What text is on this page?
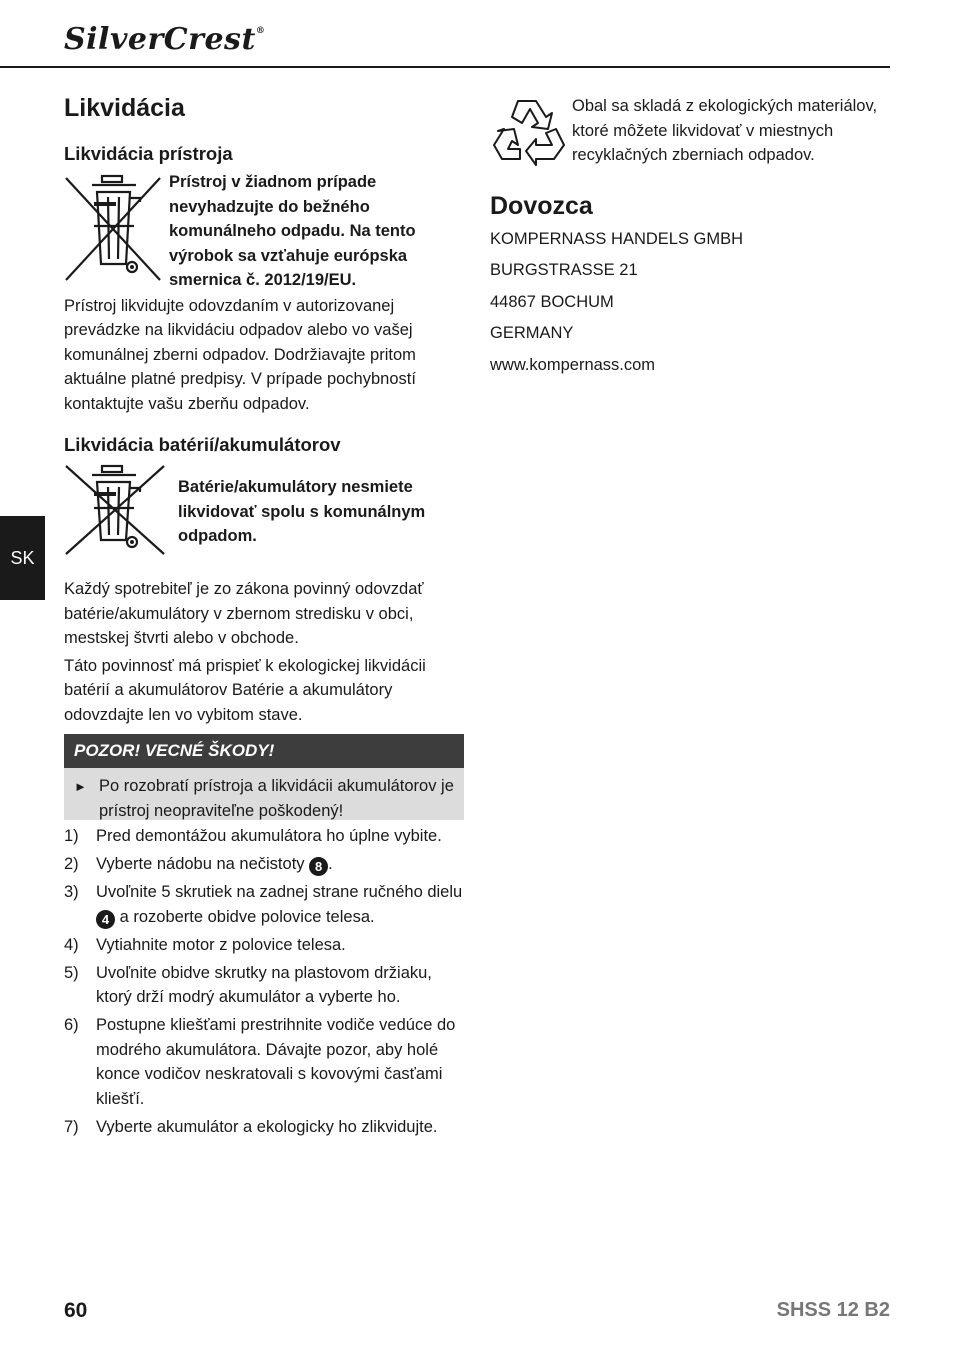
SilverCrest®
SK
Likvidácia
Likvidácia prístroja
Prístroj v žiadnom prípade nevyhadzujte do bežného komunálneho odpadu. Na tento výrobok sa vzťahuje európska smernica č. 2012/19/EU.

Prístroj likvidujte odovzdaním v autorizovanej prevádzke na likvidáciu odpadov alebo vo vašej komunálnej zberni odpadov. Dodržiavajte pritom aktuálne platné predpisy. V prípade pochybností kontaktujte vašu zberňu odpadov.

Likvidácia batérií/akumulátorov
Batérie/akumulátory nesmiete likvidovať spolu s komunálnym odpadom.

Každý spotrebiteľ je zo zákona povinný odovzdať batérie/akumulátory v zbernom stredisku v obci, mestskej štvrti alebo v obchode.

Táto povinnosť má prispieť k ekologickej likvidácii batérií a akumulátorov Batérie a akumulátory odovzdajte len vo vybitom stave.

POZOR! VECNÉ ŠKODY!
► Po rozobratí prístroja a likvidácii akumulátorov je prístroj neopraviteľne poškodený!
1)	Pred demontážou akumulátora ho úplne vybite.
2)	Vyberte nádobu na nečistoty 8 .
3)	Uvoľnite 5 skrutiek na zadnej strane ručného dielu 4 a rozoberte obidve polovice telesa.
4)	Vytiahnite motor z polovice telesa.
5)	Uvoľnite obidve skrutky na plastovom držiaku, ktorý drží modrý akumulátor a vyberte ho.
6)	Postupne kliešťami prestrihnite vodiče vedúce do modrého akumulátora. Dávajte pozor, aby holé konce vodičov neskratovali s kovovými časťami kliešťí.
7)	Vyberte akumulátor a ekologicky ho zlikvidujte.

Obal sa skladá z ekologických materiálov, ktoré môžete likvidovať v miestnych recyklačných zberniach odpadov.

Dovozca
KOMPERNASS HANDELS GMBH
BURGSTRASSE 21
44867 BOCHUM
GERMANY
www.kompernass.com
60	SHSS 12 B2
